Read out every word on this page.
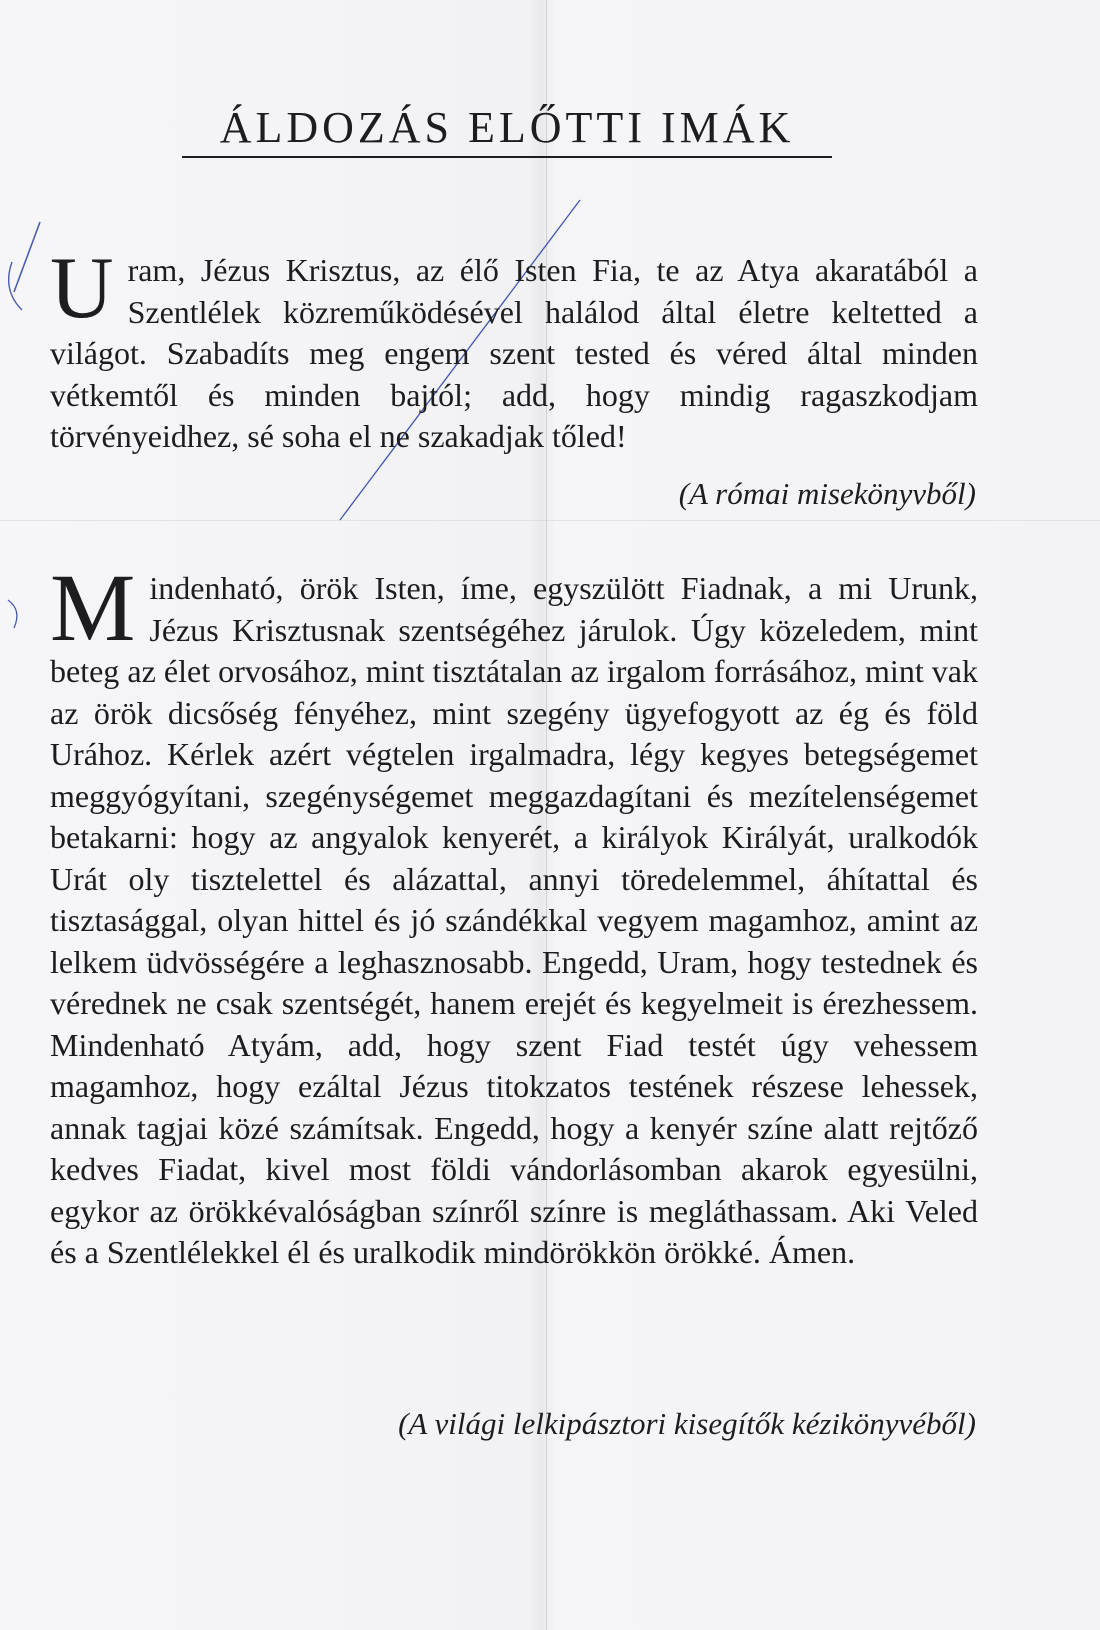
ÁLDOZÁS ELŐTTI IMÁK
Uram, Jézus Krisztus, az élő Isten Fia, te az Atya akaratából a Szentlélek közreműködésével halálod által életre keltetted a világot. Szabadíts meg engem szent tested és véred által minden vétkemtől és minden bajtól; add, hogy mindig ragaszkodjam törvényeidhez, sé soha el ne szakadjak tőled!
(A római misekönyvből)
Mindenható, örök Isten, íme, egyszülött Fiadnak, a mi Urunk, Jézus Krisztusnak szentségéhez járulok. Úgy közeledem, mint beteg az élet orvosához, mint tisztátalan az irgalom forrásához, mint vak az örök dicsőség fényéhez, mint szegény ügyefogyott az ég és föld Urához. Kérlek azért végtelen irgalmadra, légy kegyes betegségemet meggyógyítani, szegénységemet meggazdagítani és mezítelenségemet betakarni: hogy az angyalok kenyerét, a királyok Királyát, uralkodók Urát oly tisztelettel és alázattal, annyi töredelemmel, áhítattal és tisztasággal, olyan hittel és jó szándékkal vegyem magamhoz, amint az lelkem üdvösségére a leghasznosabb. Engedd, Uram, hogy testednek és vérednek ne csak szentségét, hanem erejét és kegyelmeit is érezhessem. Mindenható Atyám, add, hogy szent Fiad testét úgy vehessem magamhoz, hogy ezáltal Jézus titokzatos testének részese lehessek, annak tagjai közé számítsak. Engedd, hogy a kenyér színe alatt rejtőző kedves Fiadat, kivel most földi vándorlásomban akarok egyesülni, egykor az örökkévalóságban színről színre is megláthassam. Aki Veled és a Szentlélekkel él és uralkodik mindörökkön örökké. Ámen.
(A világi lelkipásztori kisegítők kézikönyvéből)
